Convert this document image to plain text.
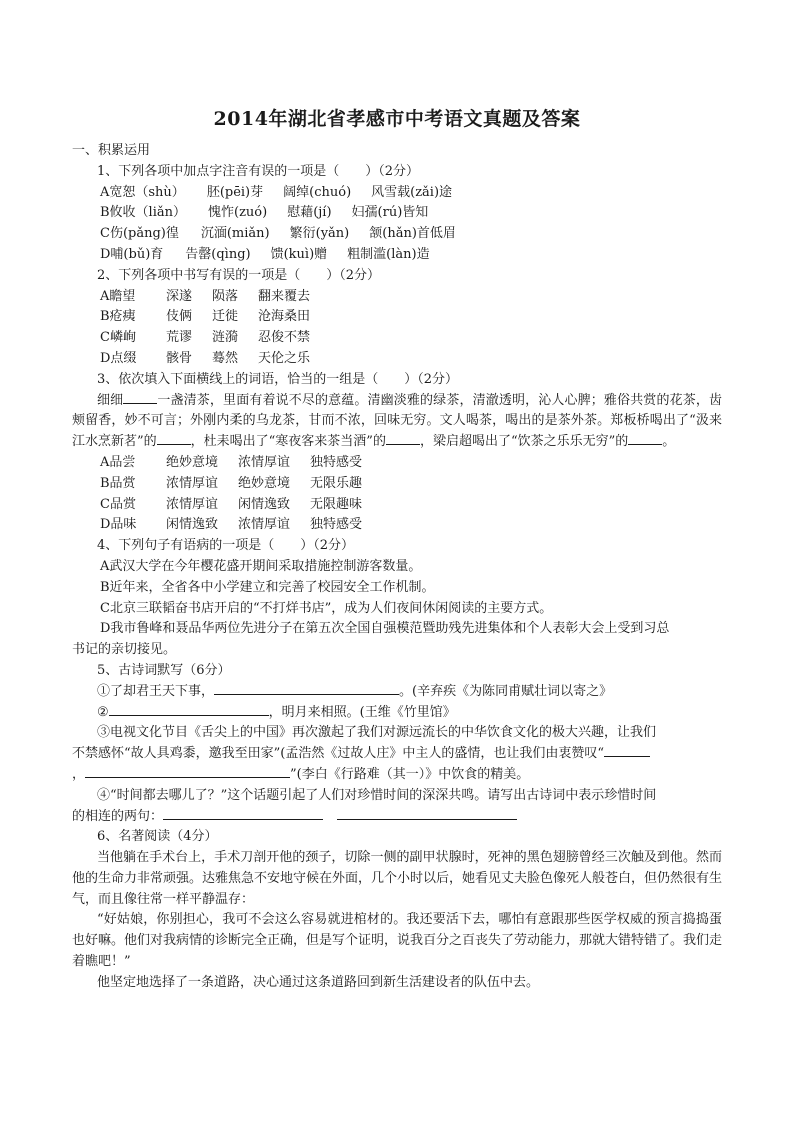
2014年湖北省孝感市中考语文真题及答案
一、积累运用
1、下列各项中加点字注音有误的一项是（　　）（2分）
A宽恕（shù） 胚(pēi)芽 阔绰(chuó) 风雪载(zǎi)途
B攸收（liǎn） 愧怍(zuó) 慰藉(jí) 妇孺(rú)皆知
C伤(pǎng)徨 沉湎(miǎn) 繁衍(yǎn) 颔(hǎn)首低眉
D哺(bǔ)育 告罄(qìng) 馈(kuì)赠 粗制滥(làn)造
2、下列各项中书写有误的一项是（　　）（2分）
A瞻望 深遂 陨落 翻来覆去
B疮痍 伎俩 迁徙 沧海桑田
C嶙峋 荒谬 涟漪 忍俊不禁
D点缀 骸骨 蓦然 天伦之乐
3、依次填入下面横线上的词语，恰当的一组是（　　）（2分）
细细	一盏清茶，里面有着说不尽的意蕴。清幽淡雅的绿茶，清澈透明，沁人心脾；雅俗共赏的花茶，齿颊留香，妙不可言；外刚内柔的乌龙茶，甘而不浓，回味无穷。文人喝茶，喝出的是茶外茶。郑板桥喝出了“汲来江水烹新茗”的	，杜耒喝出了“寒夜客来茶当酒”的	，梁启超喝出了“饮茶之乐乐无穷”的	。
A品尝 绝妙意境 浓情厚谊 独特感受
B品赏 浓情厚谊 绝妙意境 无限乐趣
C品赏 浓情厚谊 闲情逸致 无限趣味
D品味 闲情逸致 浓情厚谊 独特感受
4、下列句子有语病的一项是（　　）（2分）
A武汉大学在今年樱花盛开期间采取措施控制游客数量。
B近年来，全省各中小学建立和完善了校园安全工作机制。
C北京三联韬奋书店开启的“不打烊书店”，成为人们夜间休闲阅读的主要方式。
D我市鲁峰和聂品华两位先进分子在第五次全国自强模范暨助残先进集体和个人表彰大会上受到习总
书记的亲切接见。
5、古诗词默写（6分）
①了却君王天下事，	。(辛弃疾《为陈同甫赋壮词以寄之》
②	，明月来相照。(王维《竹里馆》
③电视文化节目《舌尖上的中国》再次激起了我们对源远流长的中华饮食文化的极大兴趣，让我们
不禁感怀“故人具鸡黍，邀我至田家”(孟浩然《过故人庄》中主人的盛情，也让我们由衷赞叹“
，	”(李白《行路难（其一）》中饮食的精美。
④“时间都去哪儿了？”这个话题引起了人们对珍惜时间的深深共鸣。请写出古诗词中表示珍惜时间
的相连的两句：
6、名著阅读（4分）
当他躺在手术台上，手术刀剖开他的颈子，切除一侧的副甲状腺时，死神的黑色翅膀曾经三次触及到他。然而他的生命力非常顽强。达雅焦急不安地守候在外面，几个小时以后，她看见丈夫脸色像死人般苍白，但仍然很有生气，而且像往常一样平静温存：
“好姑娘，你别担心，我可不会这么容易就进棺材的。我还要活下去，哪怕有意跟那些医学权威的预言捣捣蛋也好嘛。他们对我病情的诊断完全正确，但是写个证明，说我百分之百丧失了劳动能力，那就大错特错了。我们走着瞧吧！”
他坚定地选择了一条道路，决心通过这条道路回到新生活建设者的队伍中去。
